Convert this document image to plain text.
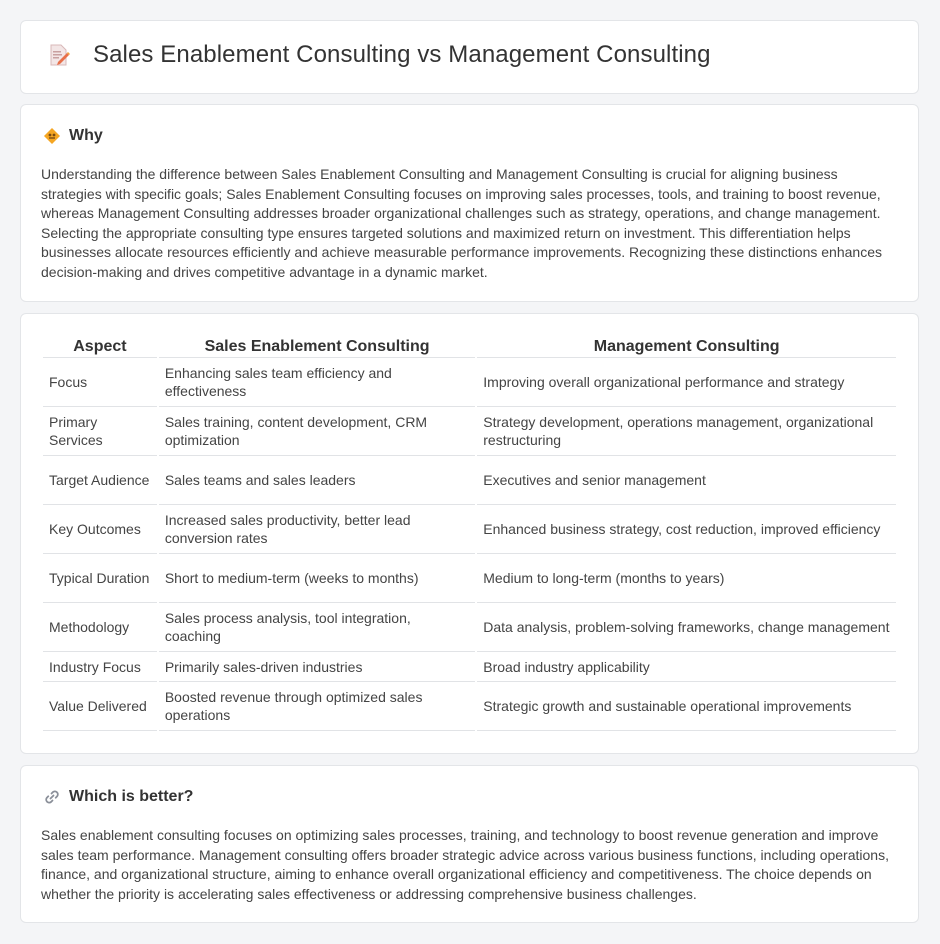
Sales Enablement Consulting vs Management Consulting
Why

Understanding the difference between Sales Enablement Consulting and Management Consulting is crucial for aligning business strategies with specific goals; Sales Enablement Consulting focuses on improving sales processes, tools, and training to boost revenue, whereas Management Consulting addresses broader organizational challenges such as strategy, operations, and change management. Selecting the appropriate consulting type ensures targeted solutions and maximized return on investment. This differentiation helps businesses allocate resources efficiently and achieve measurable performance improvements. Recognizing these distinctions enhances decision-making and drives competitive advantage in a dynamic market.

Aspect	Sales Enablement Consulting	Management Consulting
Focus	Enhancing sales team efficiency and effectiveness	Improving overall organizational performance and strategy
Primary Services	Sales training, content development, CRM optimization	Strategy development, operations management, organizational restructuring
Target Audience	Sales teams and sales leaders	Executives and senior management
Key Outcomes	Increased sales productivity, better lead conversion rates	Enhanced business strategy, cost reduction, improved efficiency
Typical Duration	Short to medium-term (weeks to months)	Medium to long-term (months to years)
Methodology	Sales process analysis, tool integration, coaching	Data analysis, problem-solving frameworks, change management
Industry Focus	Primarily sales-driven industries	Broad industry applicability
Value Delivered	Boosted revenue through optimized sales operations	Strategic growth and sustainable operational improvements
Which is better?

Sales enablement consulting focuses on optimizing sales processes, training, and technology to boost revenue generation and improve sales team performance. Management consulting offers broader strategic advice across various business functions, including operations, finance, and organizational structure, aiming to enhance overall organizational efficiency and competitiveness. The choice depends on whether the priority is accelerating sales effectiveness or addressing comprehensive business challenges.
